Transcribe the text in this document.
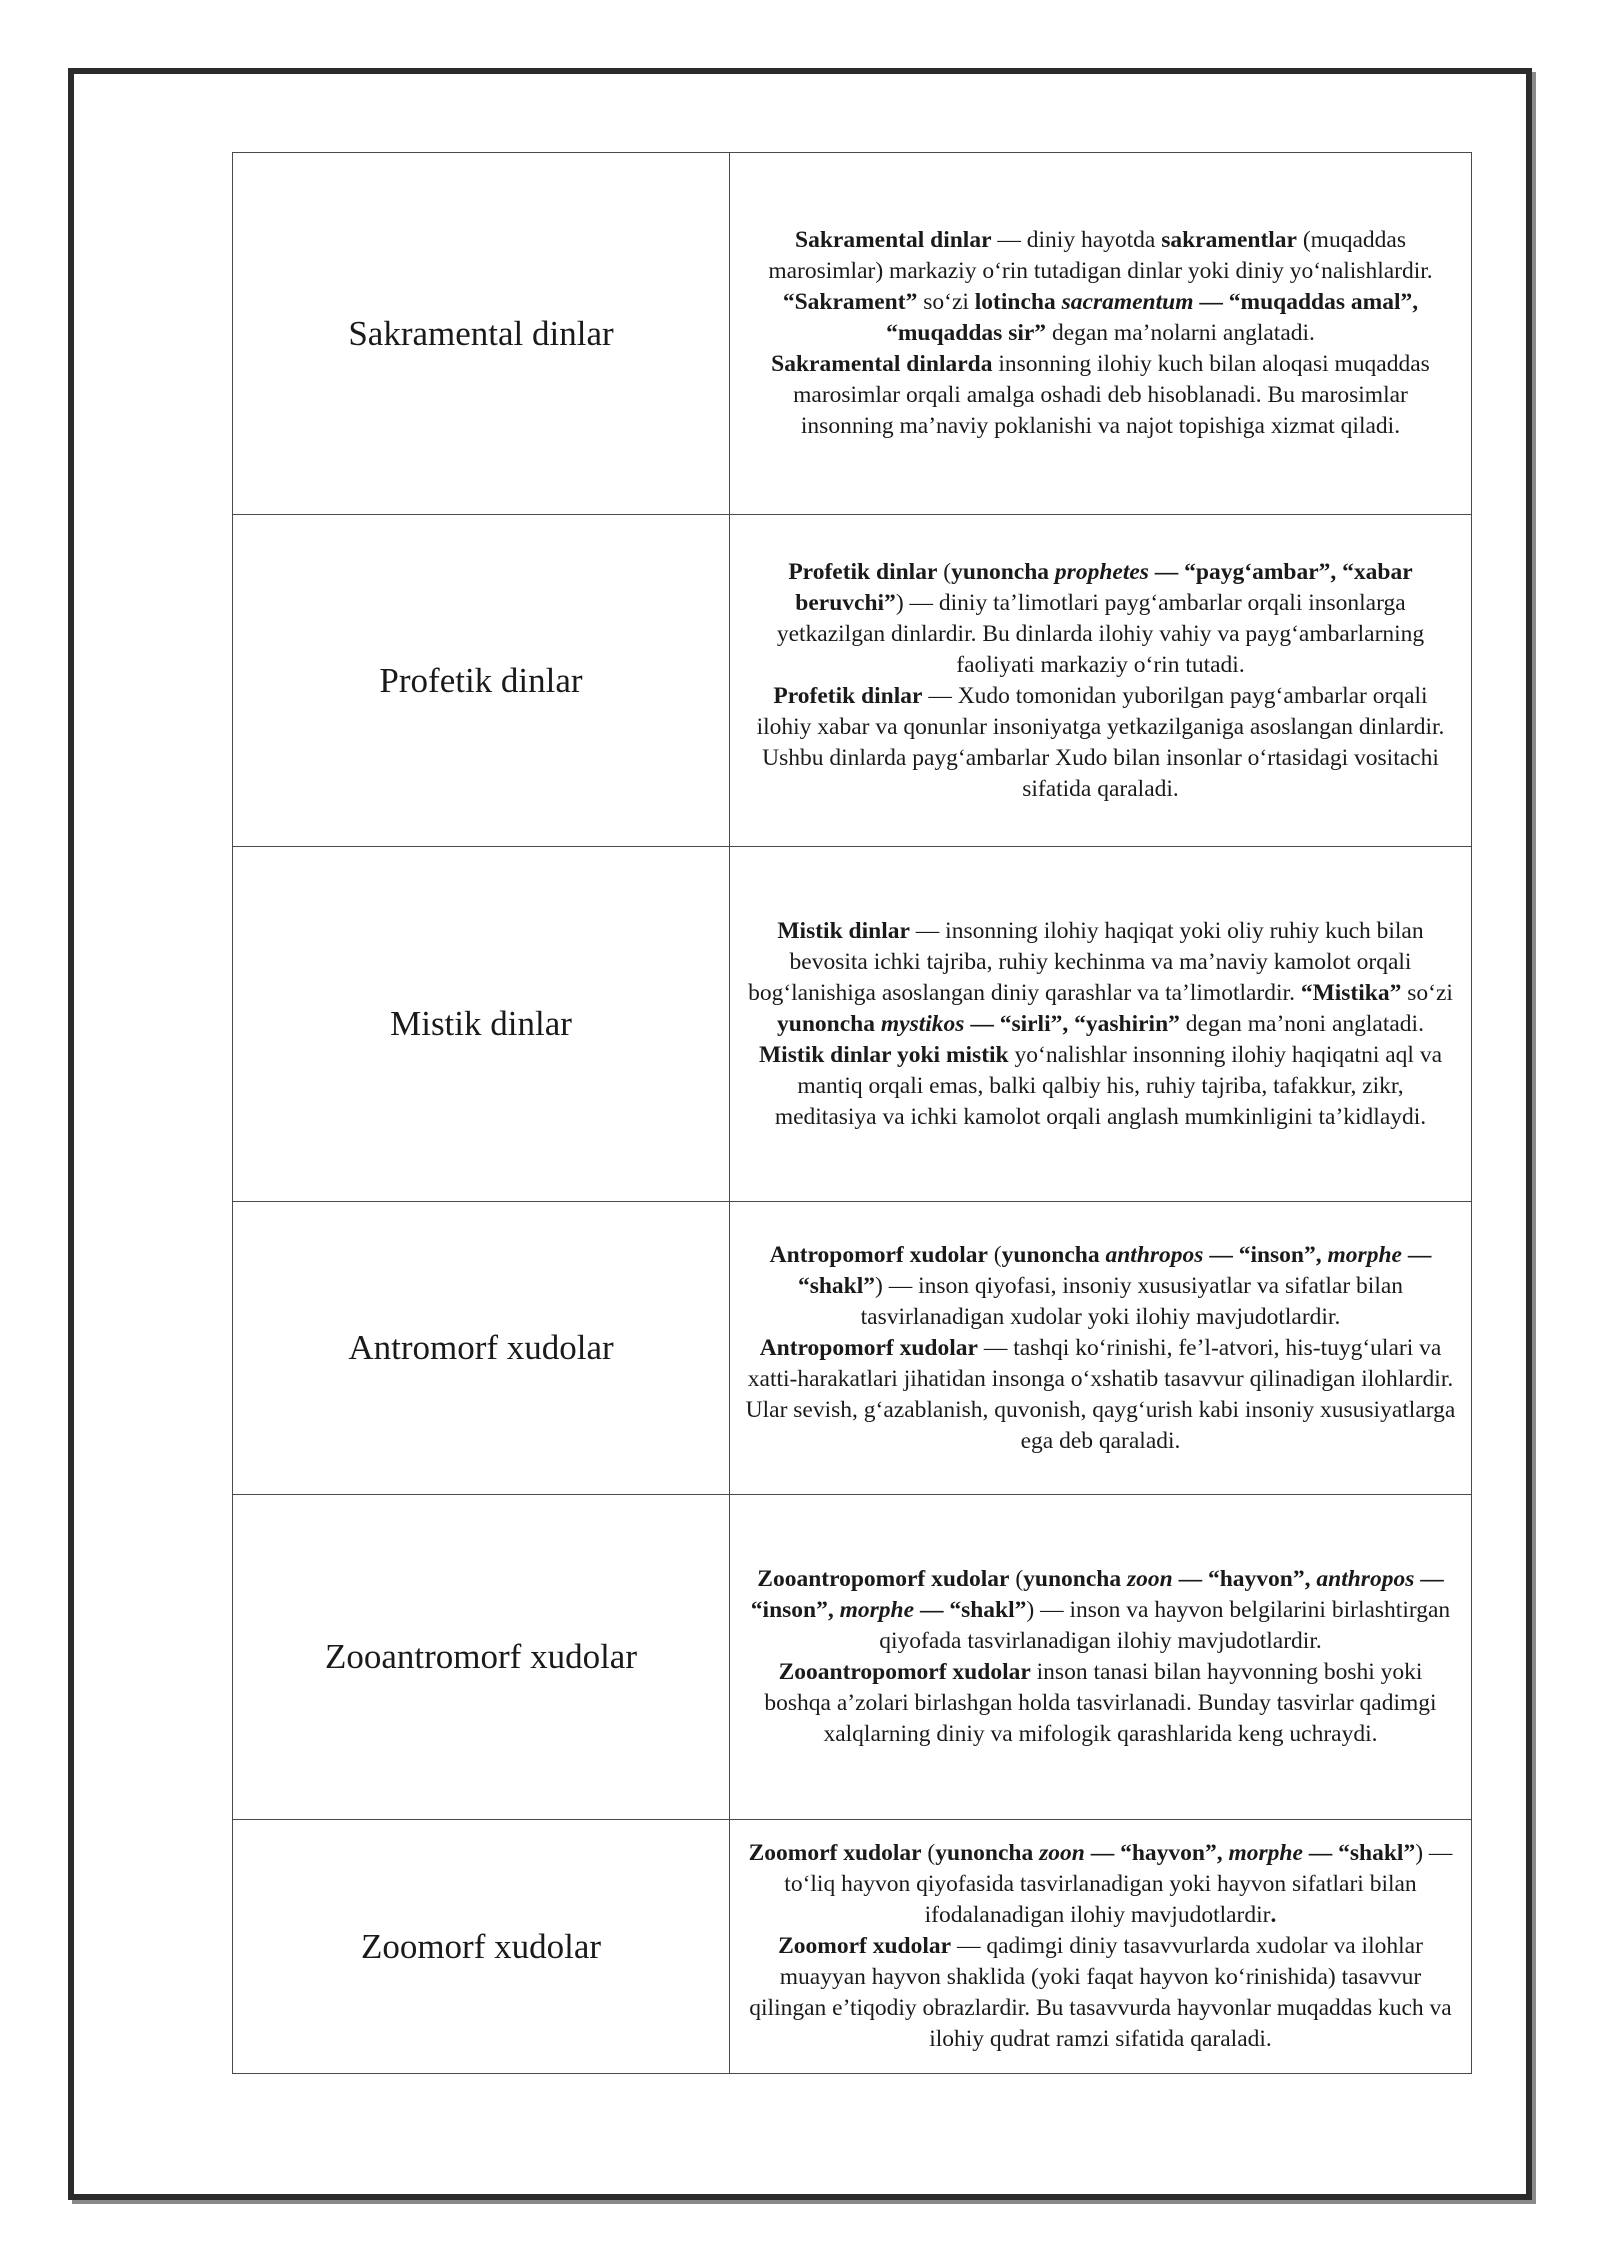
Sakramental dinlar	Sakramental dinlar — diniy hayotda sakramentlar (muqaddas marosimlar) markaziy o‘rin tutadigan dinlar yoki diniy yo‘nalishlardir. “Sakrament” so‘zi lotincha sacramentum — “muqaddas amal”, “muqaddas sir” degan ma’nolarni anglatadi.

Sakramental dinlarda insonning ilohiy kuch bilan aloqasi muqaddas marosimlar orqali amalga oshadi deb hisoblanadi. Bu marosimlar insonning ma’naviy poklanishi va najot topishiga xizmat qiladi.

Profetik dinlar	Profetik dinlar (yunoncha prophetes — “payg‘ambar”, “xabar beruvchi”) — diniy ta’limotlari payg‘ambarlar orqali insonlarga yetkazilgan dinlardir. Bu dinlarda ilohiy vahiy va payg‘ambarlarning faoliyati markaziy o‘rin tutadi.

Profetik dinlar — Xudo tomonidan yuborilgan payg‘ambarlar orqali ilohiy xabar va qonunlar insoniyatga yetkazilganiga asoslangan dinlardir. Ushbu dinlarda payg‘ambarlar Xudo bilan insonlar o‘rtasidagi vositachi sifatida qaraladi.

Mistik dinlar	Mistik dinlar — insonning ilohiy haqiqat yoki oliy ruhiy kuch bilan bevosita ichki tajriba, ruhiy kechinma va ma’naviy kamolot orqali bog‘lanishiga asoslangan diniy qarashlar va ta’limotlardir. “Mistika” so‘zi yunoncha mystikos — “sirli”, “yashirin” degan ma’noni anglatadi.

Mistik dinlar yoki mistik yo‘nalishlar insonning ilohiy haqiqatni aql va mantiq orqali emas, balki qalbiy his, ruhiy tajriba, tafakkur, zikr, meditasiya va ichki kamolot orqali anglash mumkinligini ta’kidlaydi.

Antromorf xudolar	Antropomorf xudolar (yunoncha anthropos — “inson”, morphe — “shakl”) — inson qiyofasi, insoniy xususiyatlar va sifatlar bilan tasvirlanadigan xudolar yoki ilohiy mavjudotlardir.

Antropomorf xudolar — tashqi ko‘rinishi, fe’l-atvori, his-tuyg‘ulari va xatti-harakatlari jihatidan insonga o‘xshatib tasavvur qilinadigan ilohlardir. Ular sevish, g‘azablanish, quvonish, qayg‘urish kabi insoniy xususiyatlarga ega deb qaraladi.

Zooantromorf xudolar	Zooantropomorf xudolar (yunoncha zoon — “hayvon”, anthropos — “inson”, morphe — “shakl”) — inson va hayvon belgilarini birlashtirgan qiyofada tasvirlanadigan ilohiy mavjudotlardir.

Zooantropomorf xudolar inson tanasi bilan hayvonning boshi yoki boshqa a’zolari birlashgan holda tasvirlanadi. Bunday tasvirlar qadimgi xalqlarning diniy va mifologik qarashlarida keng uchraydi.

Zoomorf xudolar	Zoomorf xudolar (yunoncha zoon — “hayvon”, morphe — “shakl”) — to‘liq hayvon qiyofasida tasvirlanadigan yoki hayvon sifatlari bilan ifodalanadigan ilohiy mavjudotlardir.

Zoomorf xudolar — qadimgi diniy tasavvurlarda xudolar va ilohlar muayyan hayvon shaklida (yoki faqat hayvon ko‘rinishida) tasavvur qilingan e’tiqodiy obrazlardir. Bu tasavvurda hayvonlar muqaddas kuch va ilohiy qudrat ramzi sifatida qaraladi.
